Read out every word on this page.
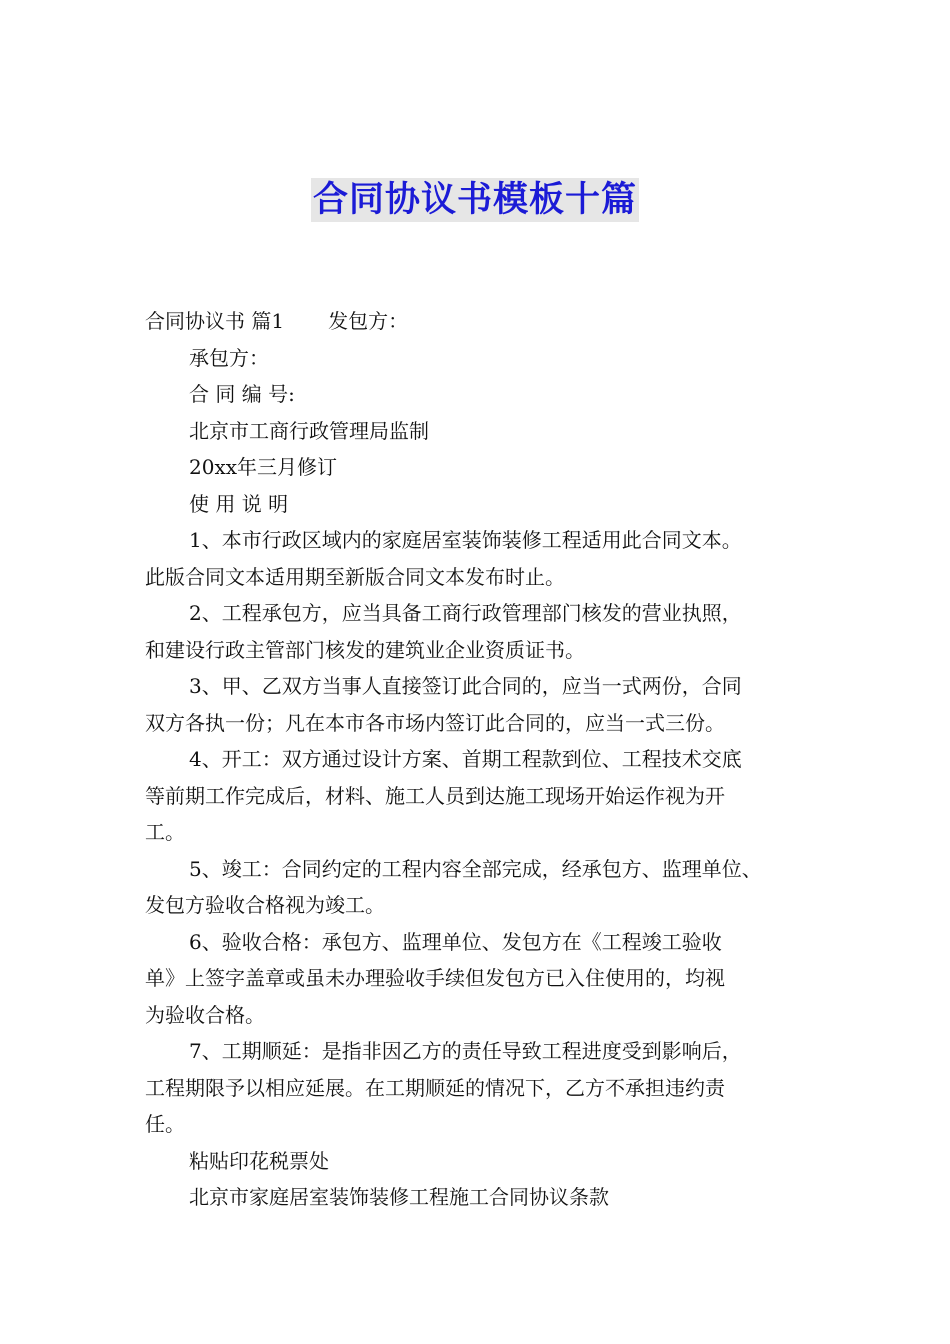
合同协议书模板十篇
合同协议书 篇1 发包方：
承包方：
合 同 编 号:
北京市工商行政管理局监制
20xx年三月修订
使 用 说 明
1、本市行政区域内的家庭居室装饰装修工程适用此合同文本。
此版合同文本适用期至新版合同文本发布时止。
2、工程承包方，应当具备工商行政管理部门核发的营业执照，
和建设行政主管部门核发的建筑业企业资质证书。
3、甲、乙双方当事人直接签订此合同的，应当一式两份，合同
双方各执一份；凡在本市各市场内签订此合同的，应当一式三份。
4、开工：双方通过设计方案、首期工程款到位、工程技术交底
等前期工作完成后，材料、施工人员到达施工现场开始运作视为开
工。
5、竣工：合同约定的工程内容全部完成，经承包方、监理单位、
发包方验收合格视为竣工。
6、验收合格：承包方、监理单位、发包方在《工程竣工验收
单》上签字盖章或虽未办理验收手续但发包方已入住使用的，均视
为验收合格。
7、工期顺延：是指非因乙方的责任导致工程进度受到影响后，
工程期限予以相应延展。在工期顺延的情况下，乙方不承担违约责
任。
粘贴印花税票处
北京市家庭居室装饰装修工程施工合同协议条款
